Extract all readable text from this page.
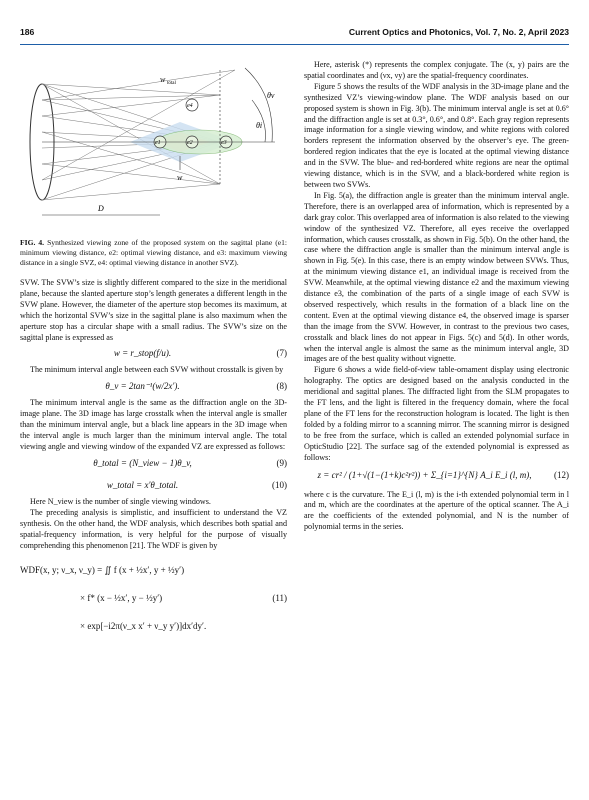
186	Current Optics and Photonics, Vol. 7, No. 2, April 2023
w total
θv
θi
e1	e2	e3
e4
w
D
FIG. 4. Synthesized viewing zone of the proposed system on the sagittal plane (e1: minimum viewing distance, e2: optimal viewing distance, and e3: maximum viewing distance in a single SVZ, e4: optimal viewing distance in another SVZ).

SVW. The SVW’s size is slightly different compared to the size in the meridional plane, because the slanted aperture stop’s length generates a different length in the SVW plane. However, the diameter of the aperture stop becomes its maximum, at which the horizontal SVW’s size in the sagittal plane is also maximum when the aperture stop has a circular shape with a small radius. The SVW’s size on the sagittal plane is expressed as

w = r_stop(f/u).	(7)

The minimum interval angle between each SVW without crosstalk is given by

θ_v = 2tan⁻¹(w/2x′).	(8)

The minimum interval angle is the same as the diffraction angle on the 3D-image plane. The 3D image has large crosstalk when the interval angle is smaller than the minimum interval angle, but a black line appears in the 3D image when the interval angle is much larger than the minimum interval angle. The total viewing angle and viewing window of the expanded VZ are expressed as follows:

θ_total = (N_view − 1)θ_v,	(9)
w_total = x′θ_total.	(10)

Here N_view is the number of single viewing windows.

The preceding analysis is simplistic, and insufficient to understand the VZ synthesis. On the other hand, the WDF analysis, which describes both spatial and spatial-frequency information, is very helpful for the purpose of visually comprehending this phenomenon [21]. The WDF is given by

WDF(x, y; ν_x, ν_y) = ∬ f (x + ½x′, y + ½y′)
× f* (x − ½x′, y − ½y′)
× exp[−i2π(ν_x x′ + ν_y y′)]dx′dy′.
(11)

Here, asterisk (*) represents the complex conjugate. The (x, y) pairs are the spatial coordinates and (νx, νy) are the spatial-frequency coordinates.

Figure 5 shows the results of the WDF analysis in the 3D-image plane and the synthesized VZ’s viewing-window plane. The WDF analysis based on our proposed system is shown in Fig. 3(b). The minimum interval angle is set at 0.6° and the diffraction angle is set at 0.3°, 0.6°, and 0.8°. Each gray region represents image information for a single viewing window, and white regions with colored borders represent the information observed by the observer’s eye. The green-bordered region indicates that the eye is located at the optimal viewing distance and in the SVW. The blue- and red-bordered white regions are near the optimal viewing distance, which is in the SVW, and a black-bordered white region is between two SVWs.

In Fig. 5(a), the diffraction angle is greater than the minimum interval angle. Therefore, there is an overlapped area of information, which is represented by a dark gray color. This overlapped area of information is also related to the viewing window of the synthesized VZ. Therefore, all eyes receive the overlapped information, which causes crosstalk, as shown in Fig. 5(b). On the other hand, the case where the diffraction angle is smaller than the minimum interval angle is shown in Fig. 5(e). In this case, there is an empty window between SVWs. Thus, at the minimum viewing distance e1, an individual image is received from the SVW. Meanwhile, at the optimal viewing distance e2 and the maximum viewing distance e3, the combination of the parts of a single image of each SVW is observed respectively, which results in the formation of a black line on the content. Even at the optimal viewing distance e4, the observed image is sparser than the image from the SVW. However, in contrast to the previous two cases, crosstalk and black lines do not appear in Figs. 5(c) and 5(d). In other words, when the interval angle is almost the same as the minimum interval angle, 3D images are of the best quality without vignette.

Figure 6 shows a wide field-of-view table-ornament display using electronic holography. The optics are designed based on the analysis conducted in the meridional and sagittal planes. The diffracted light from the SLM propagates to the FT lens, and the light is filtered in the frequency domain, where the focal plane of the FT lens for the reconstruction hologram is located. The light is then folded by a folding mirror to a scanning mirror. The scanning mirror is designed to be free from the surface, which is called an extended polynomial surface in OpticStudio [22]. The surface sag of the extended polynomial is expressed as follows:

z = cr² / (1+√(1−(1+k)c²r²)) + Σ_{i=1}^{N} A_i E_i (l, m),	(12)

where c is the curvature. The E_i (l, m) is the i-th extended polynomial term in l and m, which are the coordinates at the aperture of the optical scanner. The A_i are the coefficients of the extended polynomial, and N is the number of polynomial terms in the series.
